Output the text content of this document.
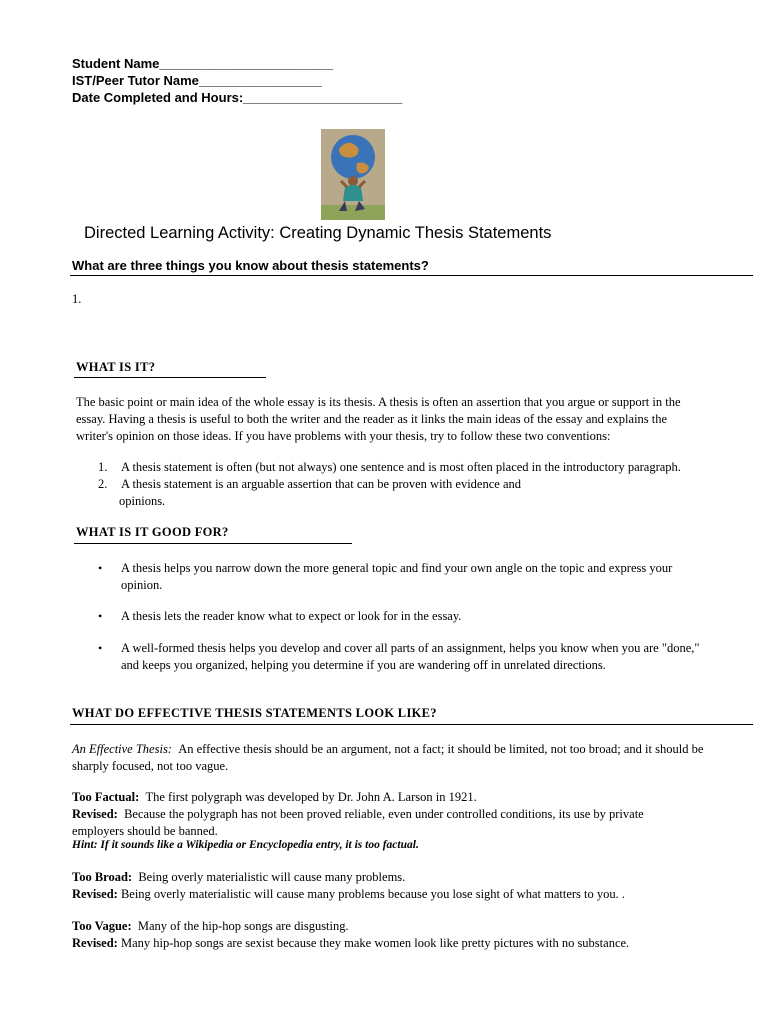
Student Name________________________
IST/Peer Tutor Name_________________
Date Completed and Hours:______________________
Directed Learning Activity: Creating Dynamic Thesis Statements
What are three things you know about thesis statements?
1.
WHAT IS IT?
The basic point or main idea of the whole essay is its thesis. A thesis is often an assertion that you argue or support in the
essay. Having a thesis is useful to both the writer and the reader as it links the main ideas of the essay and explains the
writer's opinion on those ideas. If you have problems with your thesis, try to follow these two conventions:
1. A thesis statement is often (but not always) one sentence and is most often placed in the introductory paragraph.
2. A thesis statement is an arguable assertion that can be proven with evidence and
opinions.
WHAT IS IT GOOD FOR?
• A thesis helps you narrow down the more general topic and find your own angle on the topic and express your
opinion.
• A thesis lets the reader know what to expect or look for in the essay.
• A well-formed thesis helps you develop and cover all parts of an assignment, helps you know when you are "done,"
and keeps you organized, helping you determine if you are wandering off in unrelated directions.
WHAT DO EFFECTIVE THESIS STATEMENTS LOOK LIKE?
An Effective Thesis: An effective thesis should be an argument, not a fact; it should be limited, not too broad; and it should be
sharply focused, not too vague.
Too Factual: The first polygraph was developed by Dr. John A. Larson in 1921.
Revised: Because the polygraph has not been proved reliable, even under controlled conditions, its use by private
employers should be banned.
Hint: If it sounds like a Wikipedia or Encyclopedia entry, it is too factual.
Too Broad: Being overly materialistic will cause many problems.
Revised: Being overly materialistic will cause many problems because you lose sight of what matters to you. .
Too Vague: Many of the hip-hop songs are disgusting.
Revised: Many hip-hop songs are sexist because they make women look like pretty pictures with no substance.
